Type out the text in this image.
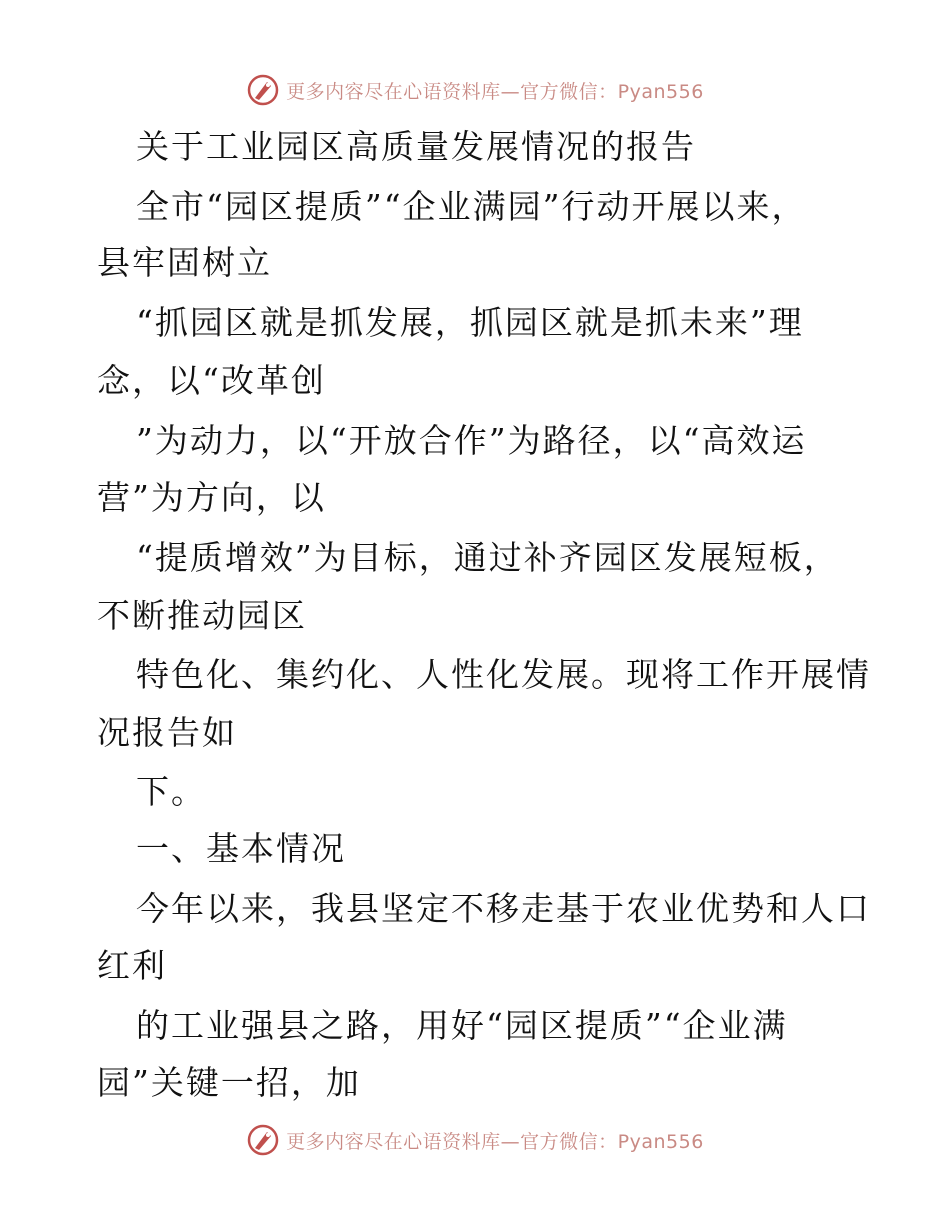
更多内容尽在心语资料库—官方微信：Pyan556
关于工业园区高质量发展情况的报告
全市“园区提质”“企业满园”行动开展以来，
县牢固树立
“抓园区就是抓发展，抓园区就是抓未来”理
念，以“改革创
”为动力，以“开放合作”为路径，以“高效运
营”为方向，以
“提质增效”为目标，通过补齐园区发展短板，
不断推动园区
特色化、集约化、人性化发展。现将工作开展情
况报告如
下。
一、基本情况
今年以来，我县坚定不移走基于农业优势和人口
红利
的工业强县之路，用好“园区提质”“企业满
园”关键一招，加
更多内容尽在心语资料库—官方微信：Pyan556
